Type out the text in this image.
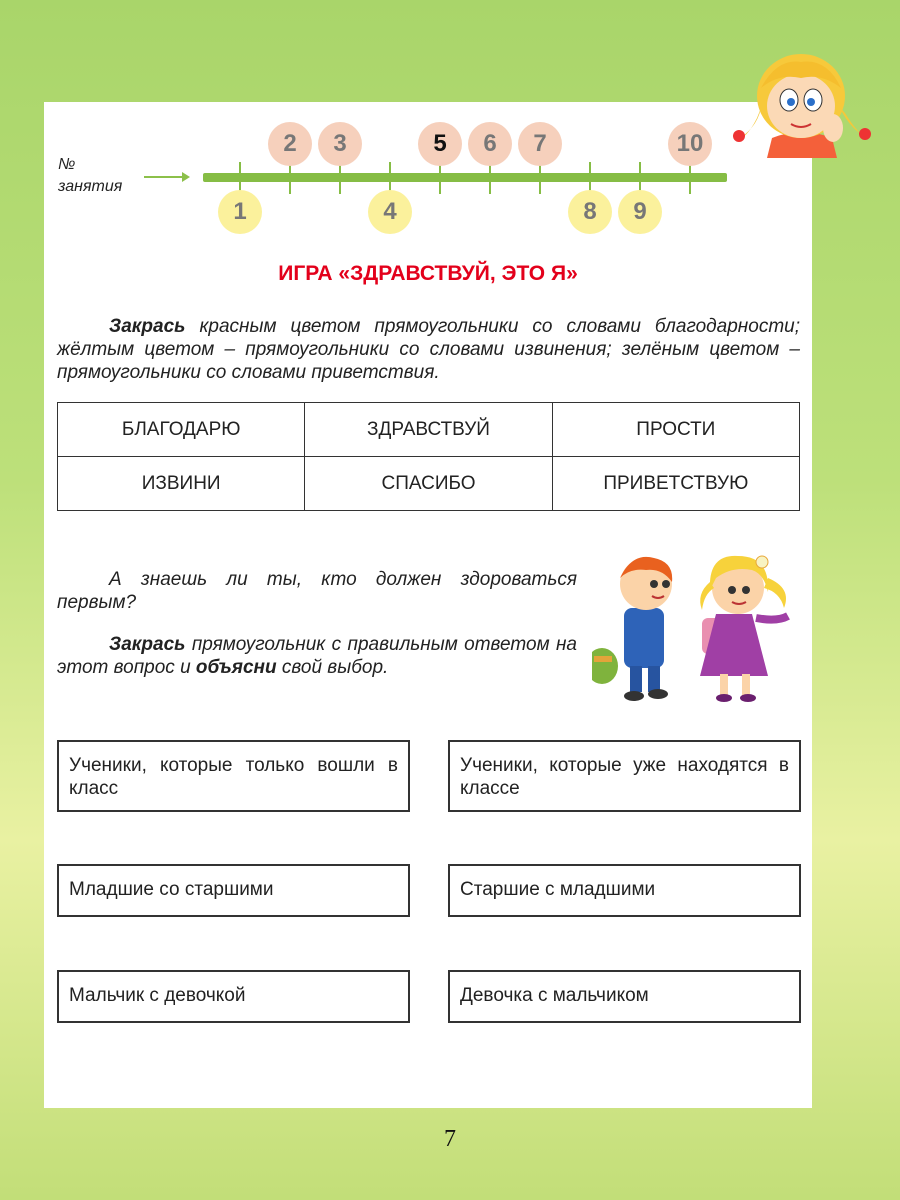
№
занятия
1
2	3
4
5	6	7
8	9
10
ИГРА «ЗДРАВСТВУЙ, ЭТО Я»
Закрась красным цветом прямоугольники со словами благодарности; жёлтым цветом – прямоугольники со словами извинения; зелёным цветом – прямоугольники со словами приветствия.
БЛАГОДАРЮ	ЗДРАВСТВУЙ	ПРОСТИ
ИЗВИНИ	СПАСИБО	ПРИВЕТСТВУЮ
А знаешь ли ты, кто должен здороваться первым?
Закрась прямоугольник с правильным ответом на этот вопрос и объясни свой выбор.
Ученики, которые только вошли в класс
Ученики, которые уже находятся в классе
Младшие со старшими	Старшие с младшими
Мальчик с девочкой	Девочка с мальчиком
7
